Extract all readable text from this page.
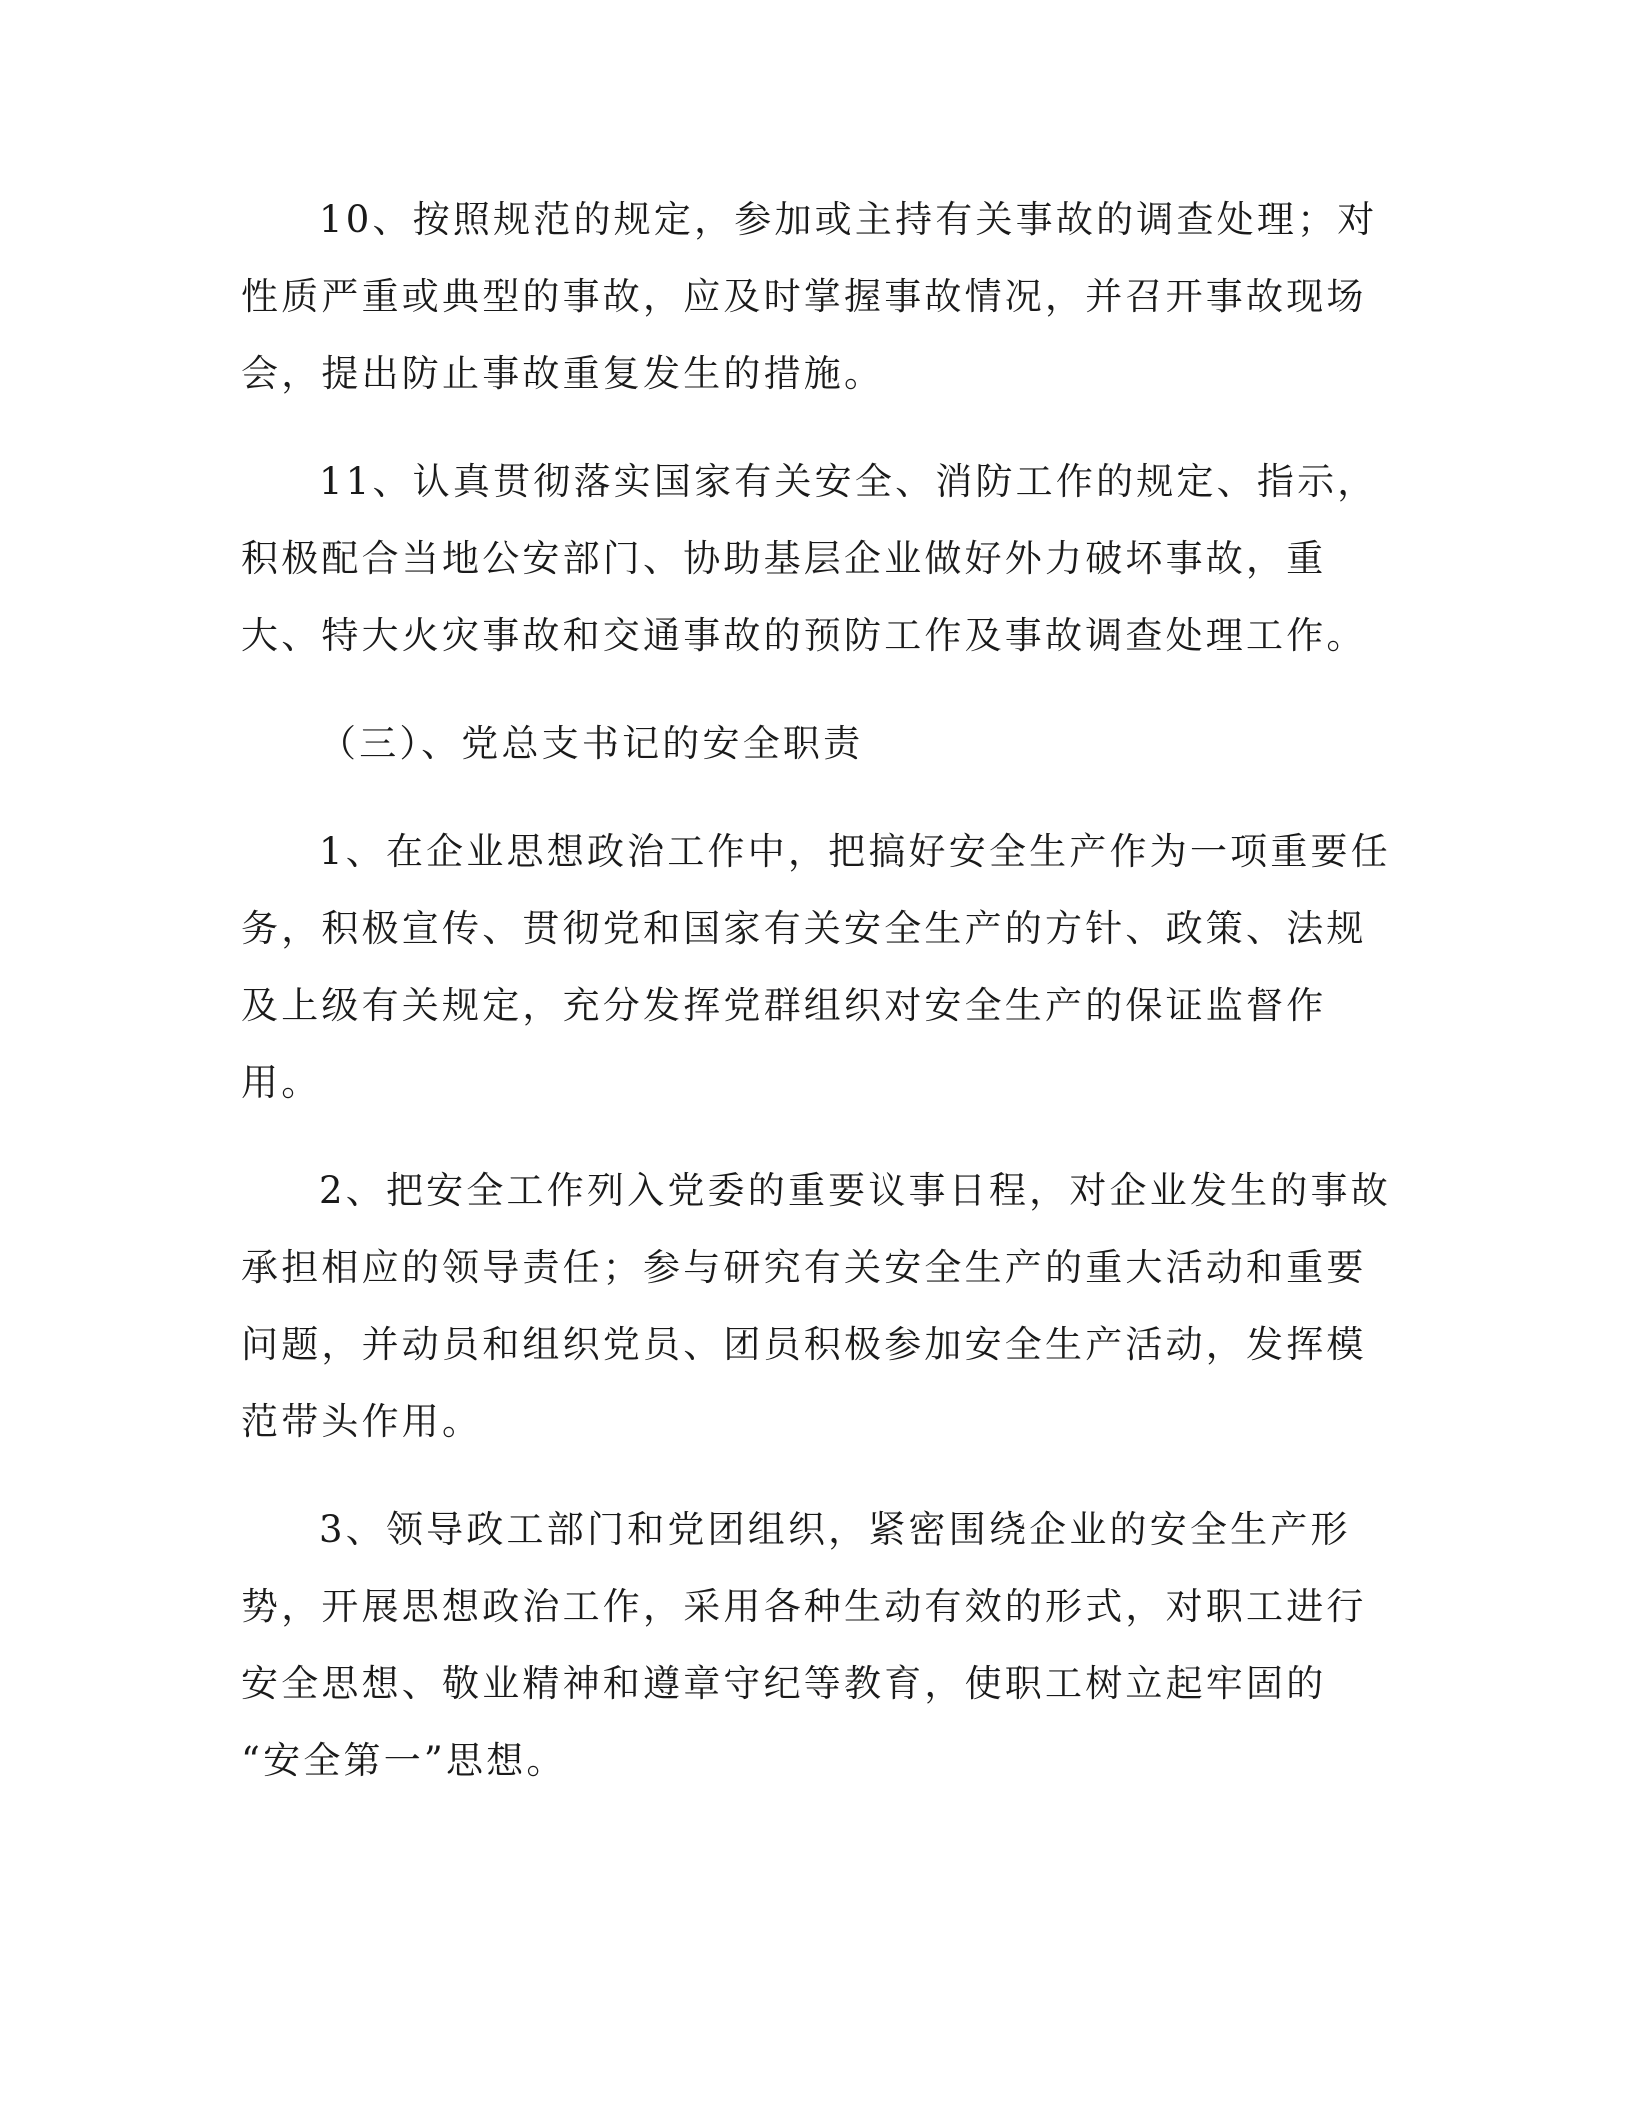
10、按照规范的规定，参加或主持有关事故的调查处理；对
性质严重或典型的事故，应及时掌握事故情况，并召开事故现场
会，提出防止事故重复发生的措施。
11、认真贯彻落实国家有关安全、消防工作的规定、指示，
积极配合当地公安部门、协助基层企业做好外力破坏事故，重
大、特大火灾事故和交通事故的预防工作及事故调查处理工作。
（三）、党总支书记的安全职责
1、在企业思想政治工作中，把搞好安全生产作为一项重要任
务，积极宣传、贯彻党和国家有关安全生产的方针、政策、法规
及上级有关规定，充分发挥党群组织对安全生产的保证监督作
用。
2、把安全工作列入党委的重要议事日程，对企业发生的事故
承担相应的领导责任；参与研究有关安全生产的重大活动和重要
问题，并动员和组织党员、团员积极参加安全生产活动，发挥模
范带头作用。
3、领导政工部门和党团组织，紧密围绕企业的安全生产形
势，开展思想政治工作，采用各种生动有效的形式，对职工进行
安全思想、敬业精神和遵章守纪等教育，使职工树立起牢固的
“安全第一”思想。
